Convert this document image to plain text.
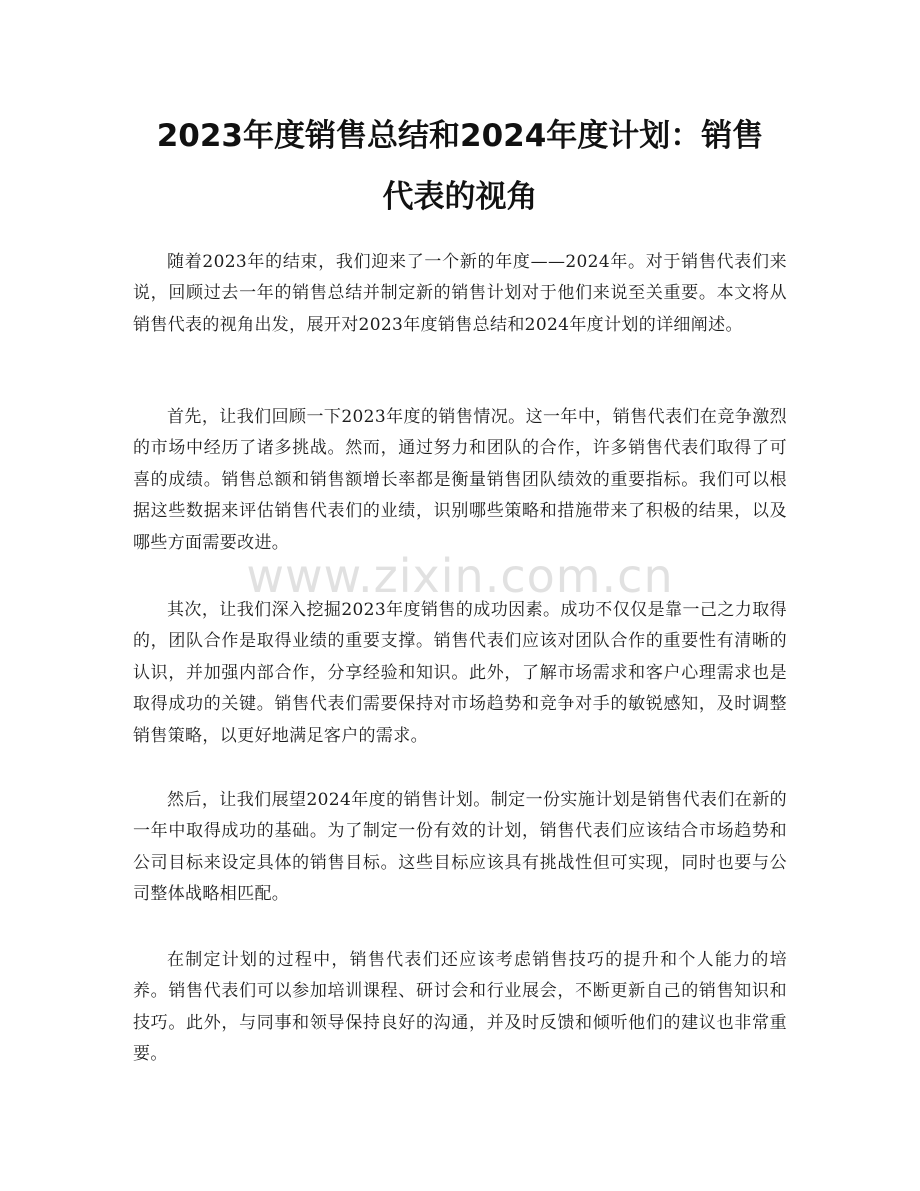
2023年度销售总结和2024年度计划：销售
代表的视角

随着2023年的结束，我们迎来了一个新的年度——2024年。对于销售代表们来说，回顾过去一年的销售总结并制定新的销售计划对于他们来说至关重要。本文将从销售代表的视角出发，展开对2023年度销售总结和2024年度计划的详细阐述。

首先，让我们回顾一下2023年度的销售情况。这一年中，销售代表们在竞争激烈的市场中经历了诸多挑战。然而，通过努力和团队的合作，许多销售代表们取得了可喜的成绩。销售总额和销售额增长率都是衡量销售团队绩效的重要指标。我们可以根据这些数据来评估销售代表们的业绩，识别哪些策略和措施带来了积极的结果，以及哪些方面需要改进。

其次，让我们深入挖掘2023年度销售的成功因素。成功不仅仅是靠一己之力取得的，团队合作是取得业绩的重要支撑。销售代表们应该对团队合作的重要性有清晰的认识，并加强内部合作，分享经验和知识。此外，了解市场需求和客户心理需求也是取得成功的关键。销售代表们需要保持对市场趋势和竞争对手的敏锐感知，及时调整销售策略，以更好地满足客户的需求。

然后，让我们展望2024年度的销售计划。制定一份实施计划是销售代表们在新的一年中取得成功的基础。为了制定一份有效的计划，销售代表们应该结合市场趋势和公司目标来设定具体的销售目标。这些目标应该具有挑战性但可实现，同时也要与公司整体战略相匹配。

在制定计划的过程中，销售代表们还应该考虑销售技巧的提升和个人能力的培养。销售代表们可以参加培训课程、研讨会和行业展会，不断更新自己的销售知识和技巧。此外，与同事和领导保持良好的沟通，并及时反馈和倾听他们的建议也非常重要。

www.zixin.com.cn
